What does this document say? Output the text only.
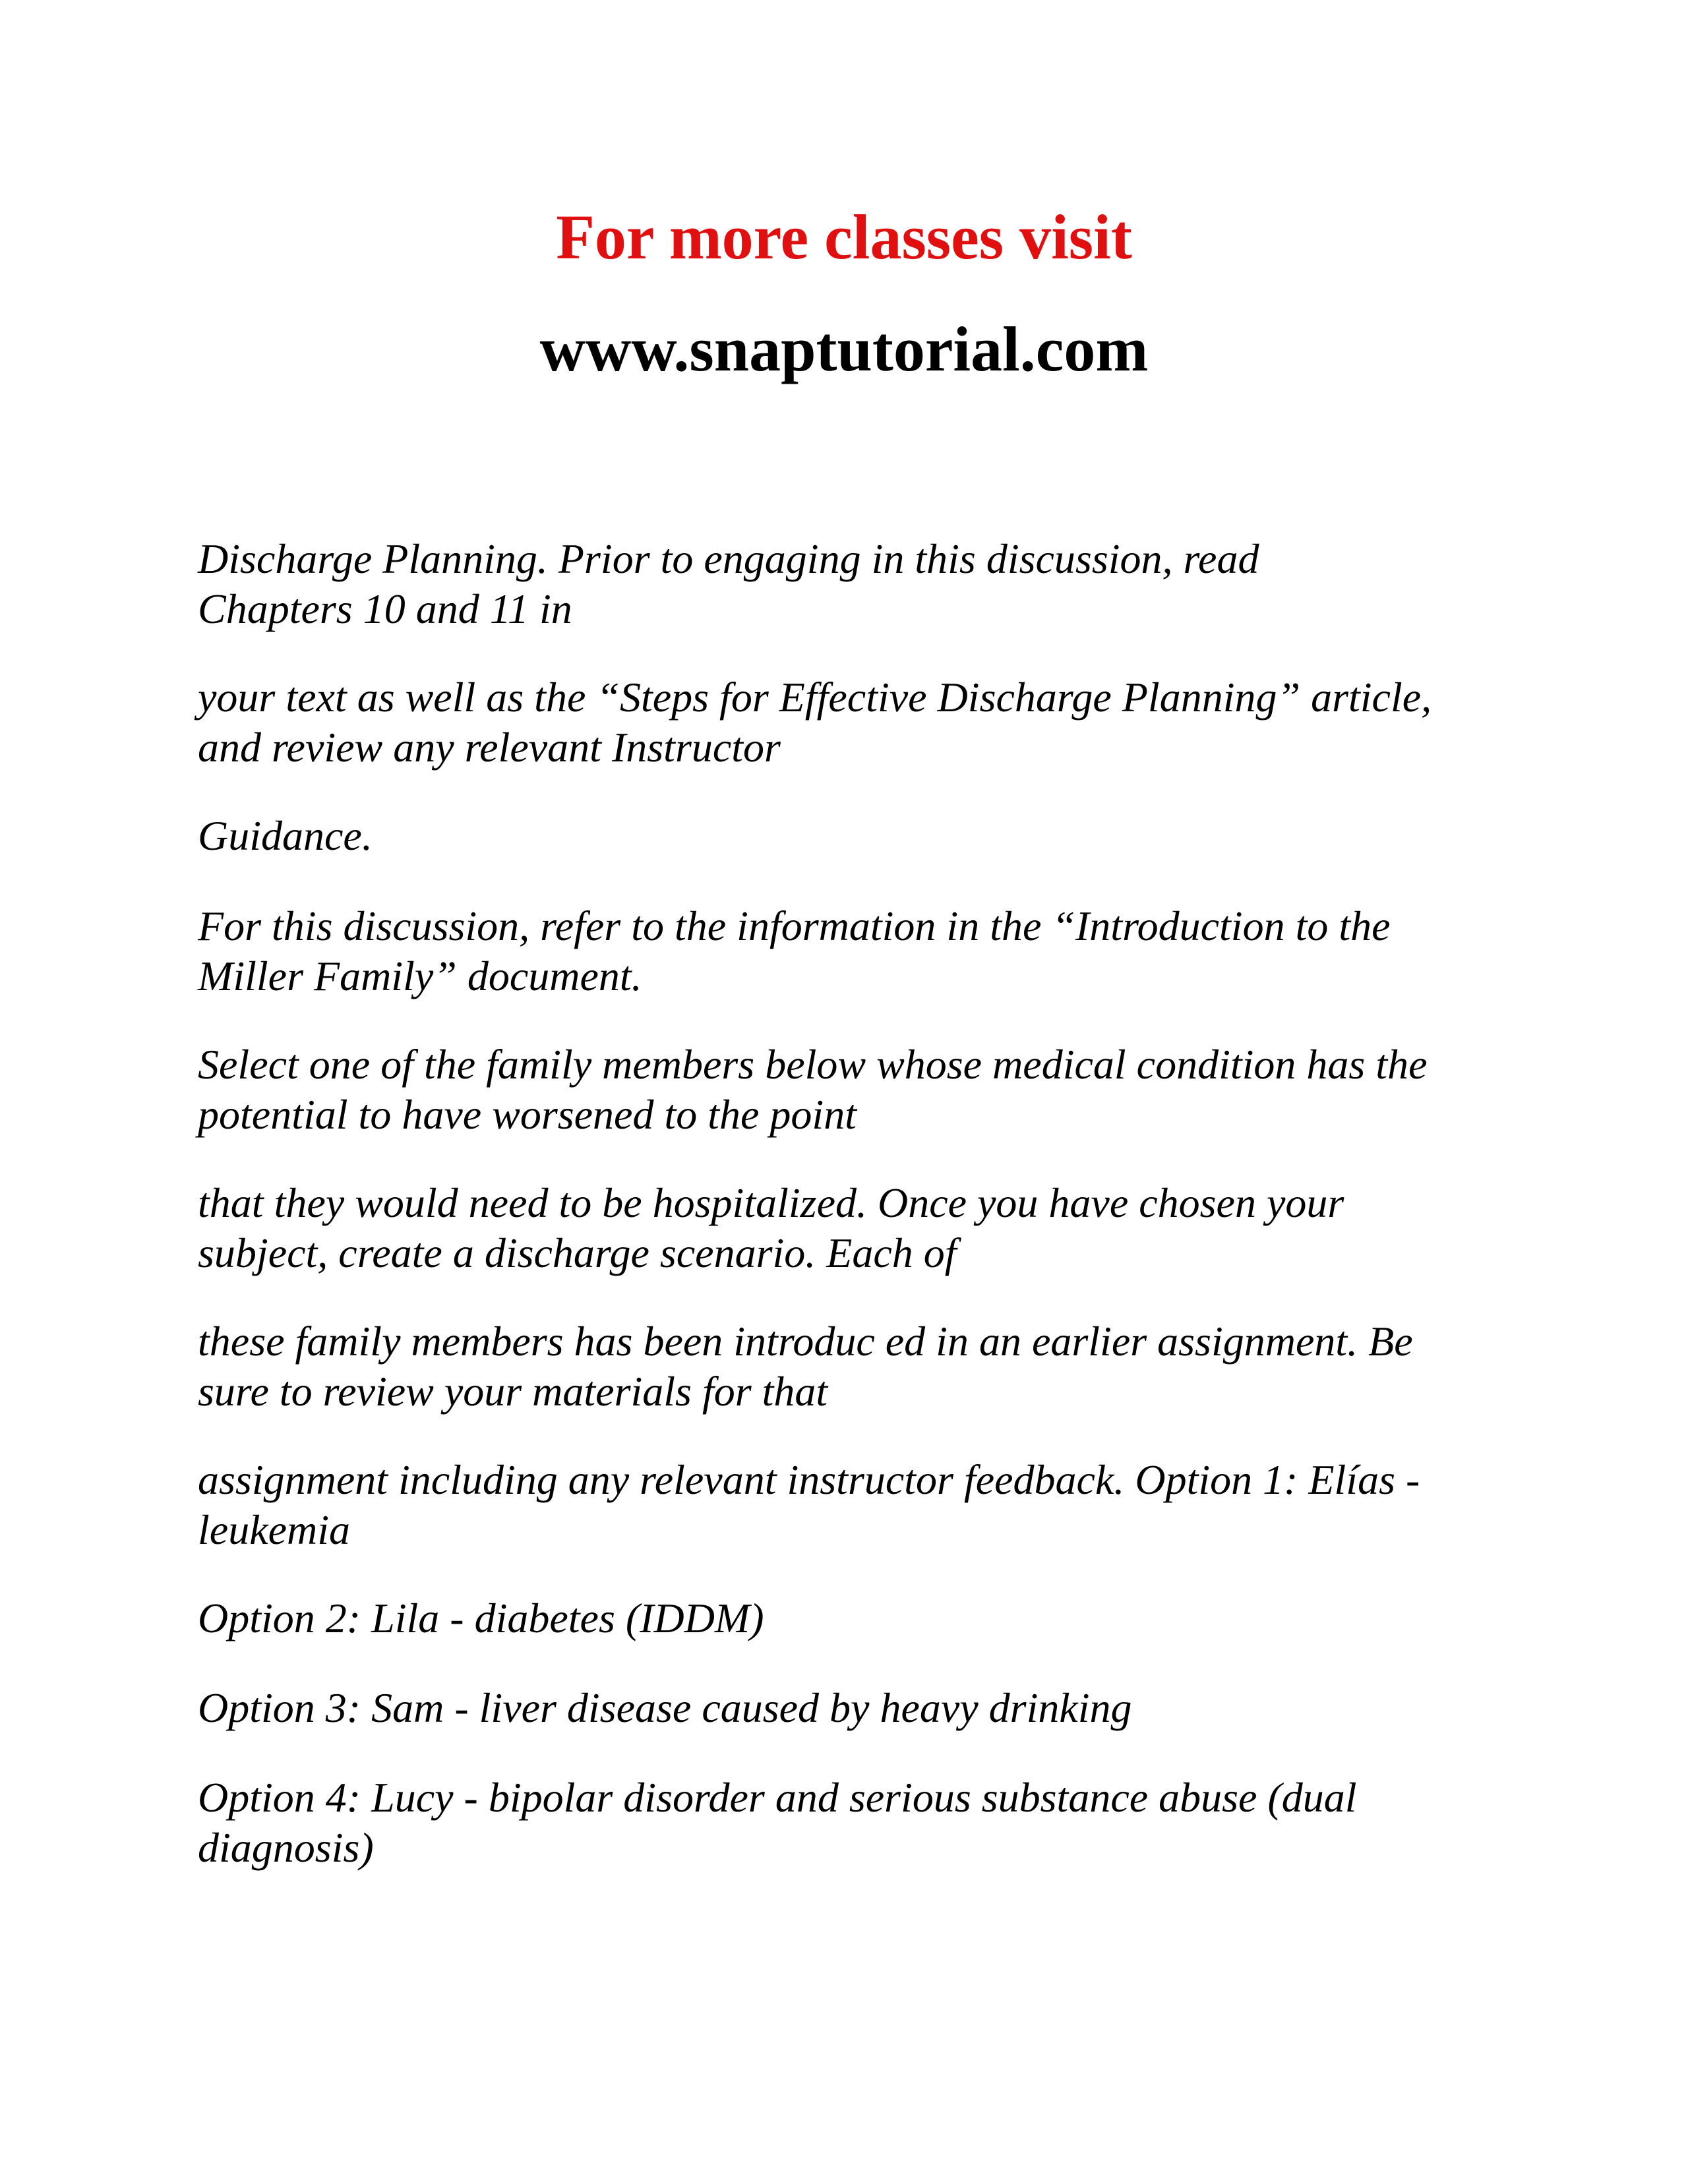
For more classes visit
www.snaptutorial.com
Discharge Planning. Prior to engaging in this discussion, read
Chapters 10 and 11 in
your text as well as the “Steps for Effective Discharge Planning” article,
and review any relevant Instructor
Guidance.
For this discussion, refer to the information in the “Introduction to the
Miller Family” document.
Select one of the family members below whose medical condition has the
potential to have worsened to the point
that they would need to be hospitalized. Once you have chosen your
subject, create a discharge scenario. Each of
these family members has been introduc ed in an earlier assignment. Be
sure to review your materials for that
assignment including any relevant instructor feedback. Option 1: Elías -
leukemia
Option 2: Lila - diabetes (IDDM)
Option 3: Sam - liver disease caused by heavy drinking
Option 4: Lucy - bipolar disorder and serious substance abuse (dual
diagnosis)
